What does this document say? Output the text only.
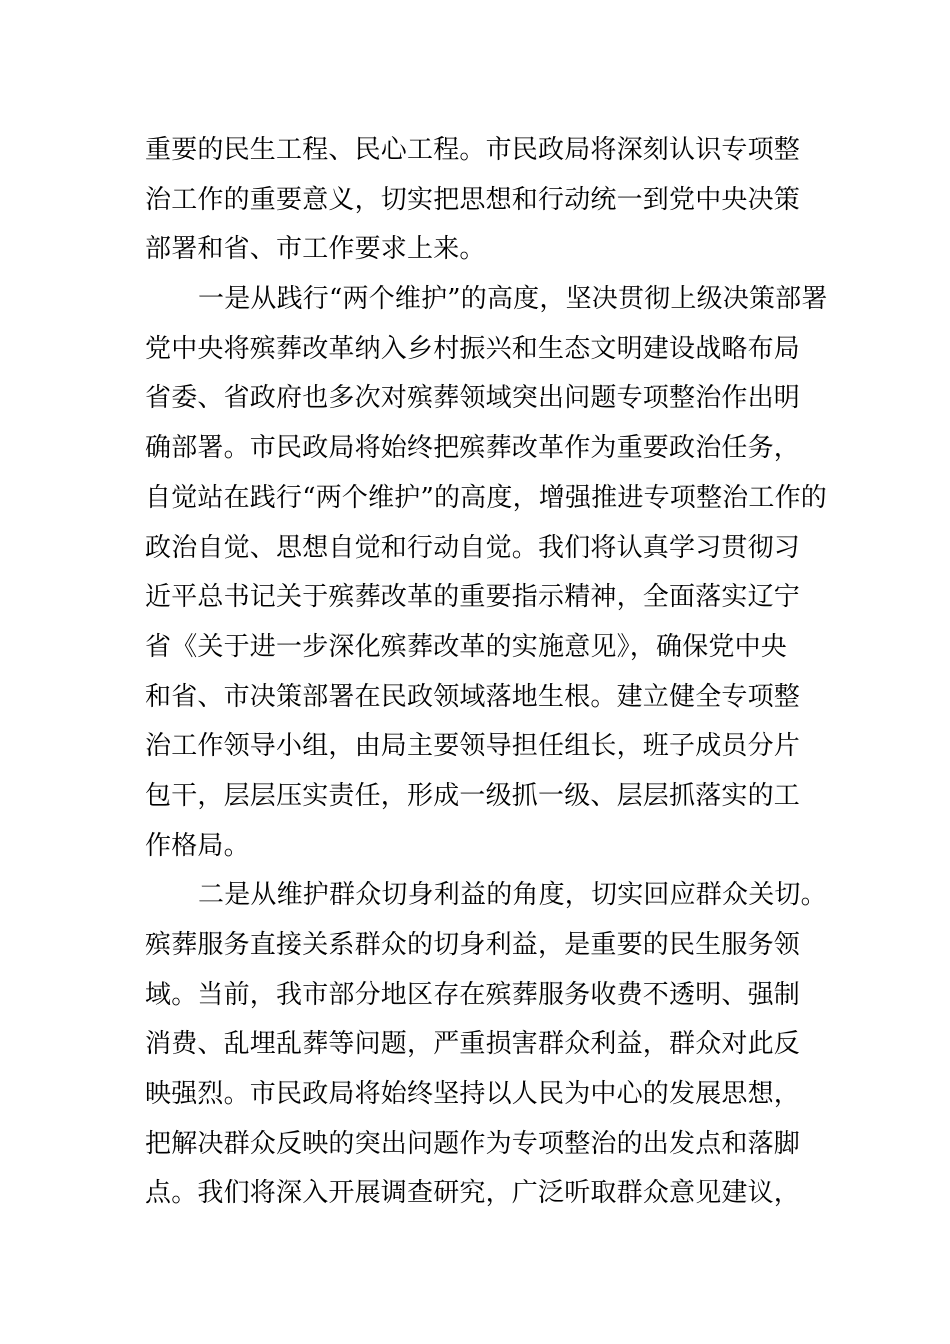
重要的民生工程、民心工程。市民政局将深刻认识专项整
治工作的重要意义，切实把思想和行动统一到党中央决策
部署和省、市工作要求上来。
一是从践行“两个维护”的高度，坚决贯彻上级决策部署
党中央将殡葬改革纳入乡村振兴和生态文明建设战略布局
省委、省政府也多次对殡葬领域突出问题专项整治作出明
确部署。市民政局将始终把殡葬改革作为重要政治任务，
自觉站在践行“两个维护”的高度，增强推进专项整治工作的
政治自觉、思想自觉和行动自觉。我们将认真学习贯彻习
近平总书记关于殡葬改革的重要指示精神，全面落实辽宁
省《关于进一步深化殡葬改革的实施意见》，确保党中央
和省、市决策部署在民政领域落地生根。建立健全专项整
治工作领导小组，由局主要领导担任组长，班子成员分片
包干，层层压实责任，形成一级抓一级、层层抓落实的工
作格局。
二是从维护群众切身利益的角度，切实回应群众关切。
殡葬服务直接关系群众的切身利益，是重要的民生服务领
域。当前，我市部分地区存在殡葬服务收费不透明、强制
消费、乱埋乱葬等问题，严重损害群众利益，群众对此反
映强烈。市民政局将始终坚持以人民为中心的发展思想，
把解决群众反映的突出问题作为专项整治的出发点和落脚
点。我们将深入开展调查研究，广泛听取群众意见建议，
